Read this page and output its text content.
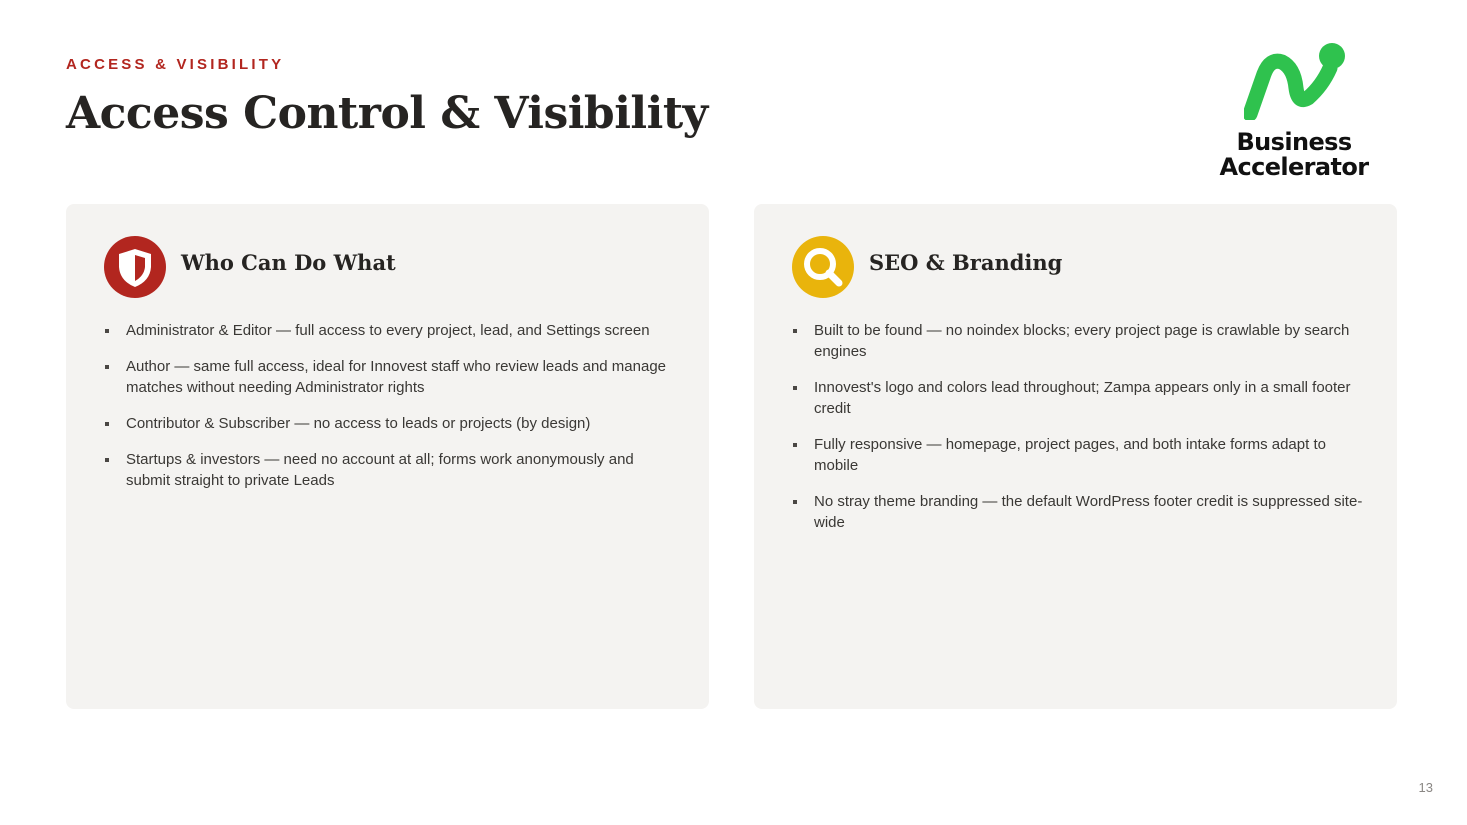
ACCESS & VISIBILITY
Access Control & Visibility
Business
Accelerator
Who Can Do What
Administrator & Editor — full access to every project, lead, and Settings screen
Author — same full access, ideal for Innovest staff who review leads and manage matches without needing Administrator rights
Contributor & Subscriber — no access to leads or projects (by design)
Startups & investors — need no account at all; forms work anonymously and submit straight to private Leads
SEO & Branding
Built to be found — no noindex blocks; every project page is crawlable by search engines
Innovest's logo and colors lead throughout; Zampa appears only in a small footer credit
Fully responsive — homepage, project pages, and both intake forms adapt to mobile
No stray theme branding — the default WordPress footer credit is suppressed site-wide
13
